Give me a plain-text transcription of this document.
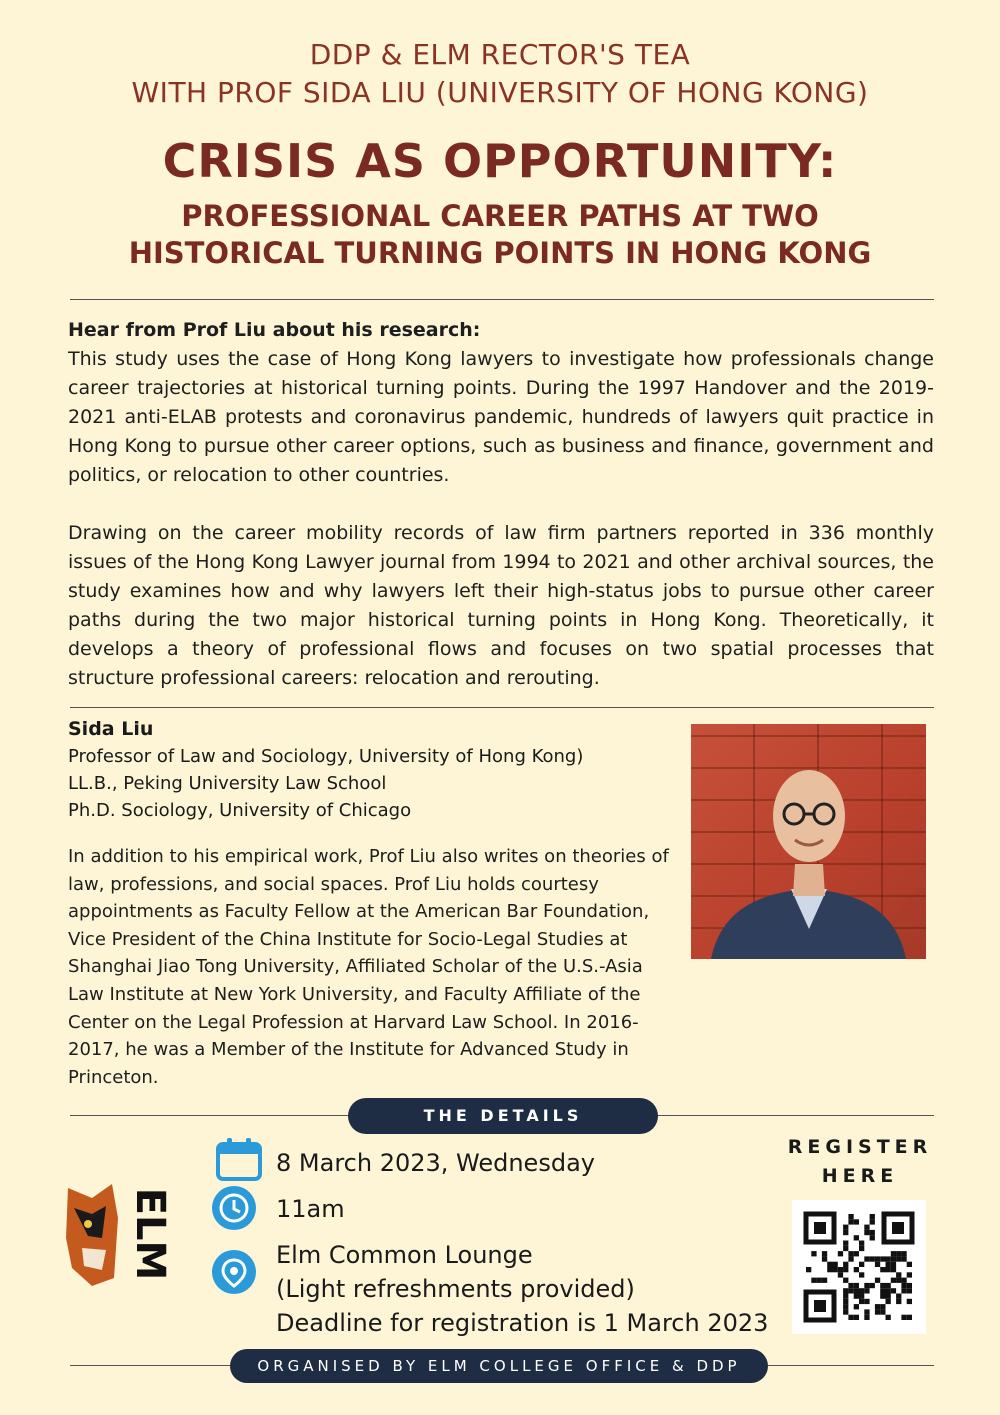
DDP & ELM RECTOR'S TEA
WITH PROF SIDA LIU (UNIVERSITY OF HONG KONG)
CRISIS AS OPPORTUNITY:
PROFESSIONAL CAREER PATHS AT TWO
HISTORICAL TURNING POINTS IN HONG KONG
Hear from Prof Liu about his research:
This study uses the case of Hong Kong lawyers to investigate how professionals change career trajectories at historical turning points. During the 1997 Handover and the 2019-2021 anti-ELAB protests and coronavirus pandemic, hundreds of lawyers quit practice in Hong Kong to pursue other career options, such as business and finance, government and politics, or relocation to other countries.
Drawing on the career mobility records of law firm partners reported in 336 monthly issues of the Hong Kong Lawyer journal from 1994 to 2021 and other archival sources, the study examines how and why lawyers left their high-status jobs to pursue other career paths during the two major historical turning points in Hong Kong. Theoretically, it develops a theory of professional flows and focuses on two spatial processes that structure professional careers: relocation and rerouting.
Sida Liu
Professor of Law and Sociology, University of Hong Kong)
LL.B., Peking University Law School
Ph.D. Sociology, University of Chicago
In addition to his empirical work, Prof Liu also writes on theories of law, professions, and social spaces. Prof Liu holds courtesy appointments as Faculty Fellow at the American Bar Foundation, Vice President of the China Institute for Socio-Legal Studies at Shanghai Jiao Tong University, Affiliated Scholar of the U.S.-Asia Law Institute at New York University, and Faculty Affiliate of the Center on the Legal Profession at Harvard Law School. In 2016-2017, he was a Member of the Institute for Advanced Study in Princeton.
THE DETAILS
8 March 2023, Wednesday
11am
Elm Common Lounge
(Light refreshments provided)
Deadline for registration is 1 March 2023
ELM
REGISTER
HERE
ORGANISED BY ELM COLLEGE OFFICE & DDP
